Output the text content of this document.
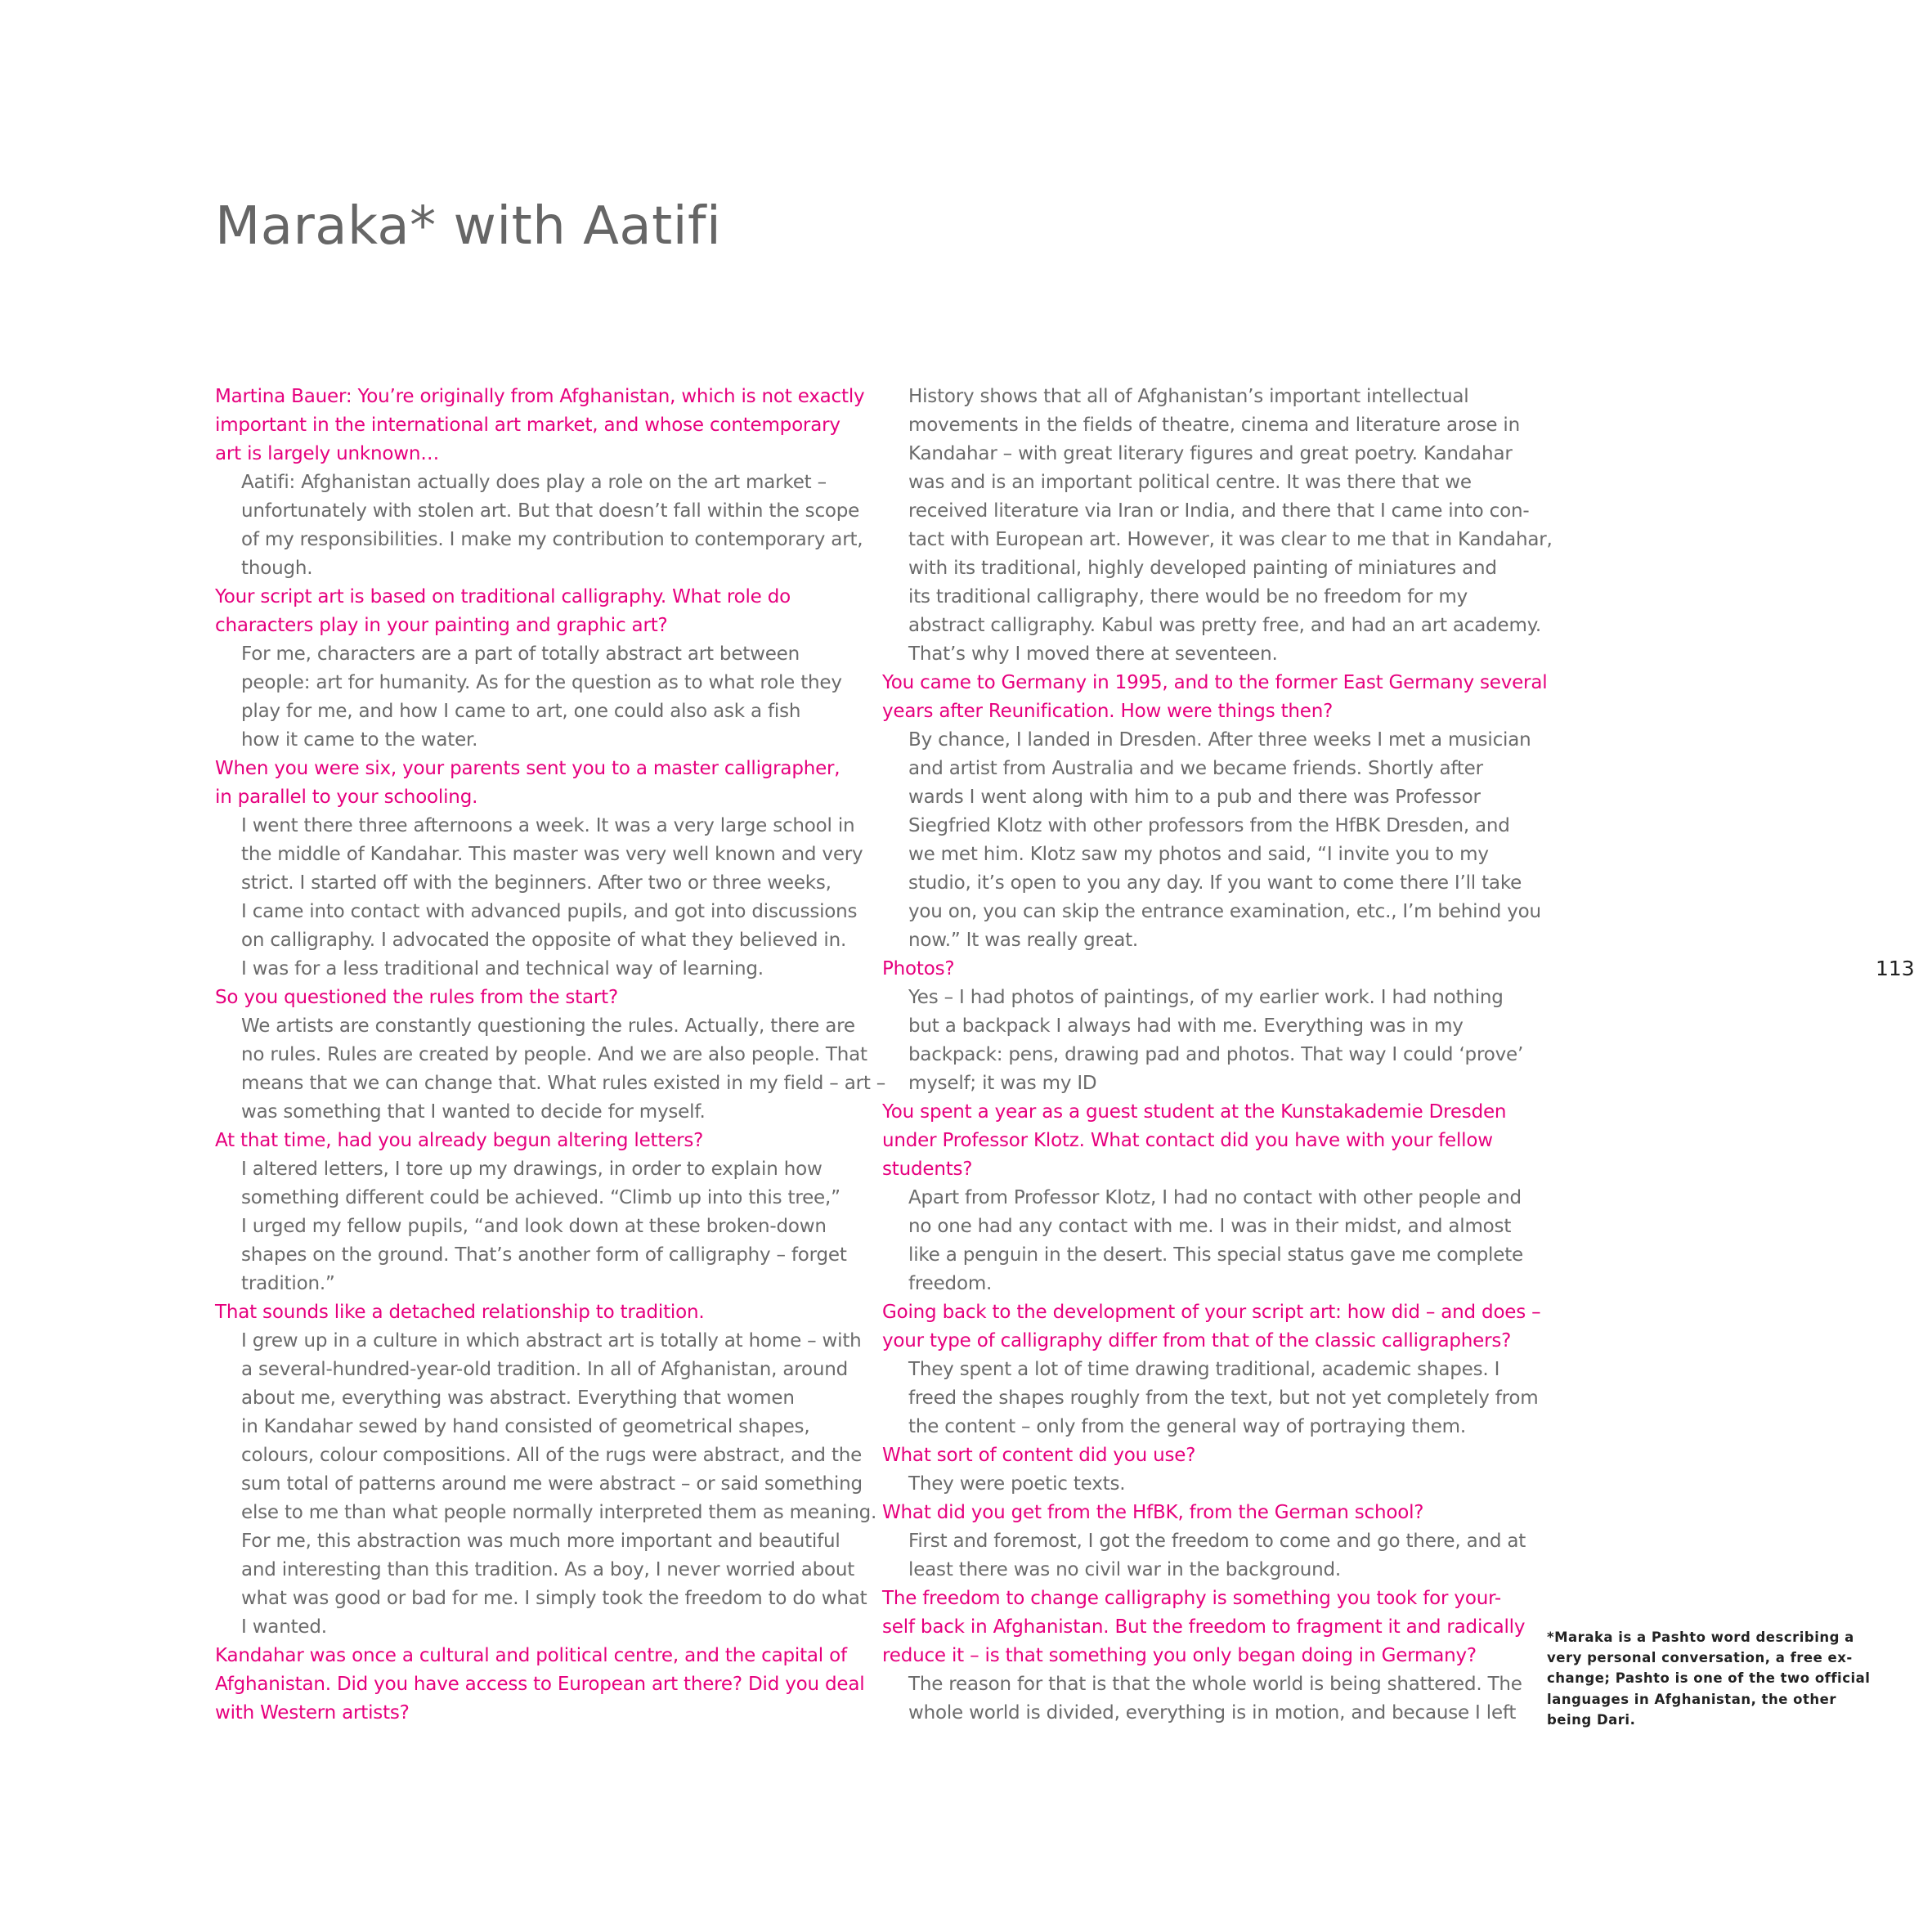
Maraka* with Aatifi
Martina Bauer: You’re originally from Afghanistan, which is not exactly
important in the international art market, and whose contemporary
art is largely unknown…
Aatifi: Afghanistan actually does play a role on the art market –
unfortunately with stolen art. But that doesn’t fall within the scope
of my responsibilities. I make my contribution to contemporary art,
though.
Your script art is based on traditional calligraphy. What role do
characters play in your painting and graphic art?
For me, characters are a part of totally abstract art between
people: art for humanity. As for the question as to what role they
play for me, and how I came to art, one could also ask a fish
how it came to the water.
When you were six, your parents sent you to a master calligrapher,
in parallel to your schooling.
I went there three afternoons a week. It was a very large school in
the middle of Kandahar. This master was very well known and very
strict. I started off with the beginners. After two or three weeks,
I came into contact with advanced pupils, and got into discussions
on calligraphy. I advocated the opposite of what they believed in.
I was for a less traditional and technical way of learning.
So you questioned the rules from the start?
We artists are constantly questioning the rules. Actually, there are
no rules. Rules are created by people. And we are also people. That
means that we can change that. What rules existed in my field – art –
was something that I wanted to decide for myself.
At that time, had you already begun altering letters?
I altered letters, I tore up my drawings, in order to explain how
something different could be achieved. “Climb up into this tree,”
I urged my fellow pupils, “and look down at these broken-down
shapes on the ground. That’s another form of calligraphy – forget
tradition.”
That sounds like a detached relationship to tradition.
I grew up in a culture in which abstract art is totally at home – with
a several-hundred-year-old tradition. In all of Afghanistan, around
about me, everything was abstract. Everything that women
in Kandahar sewed by hand consisted of geometrical shapes,
colours, colour compositions. All of the rugs were abstract, and the
sum total of patterns around me were abstract – or said something
else to me than what people normally interpreted them as meaning.
For me, this abstraction was much more important and beautiful
and interesting than this tradition. As a boy, I never worried about
what was good or bad for me. I simply took the freedom to do what
I wanted.
Kandahar was once a cultural and political centre, and the capital of
Afghanistan. Did you have access to European art there? Did you deal
with Western artists?
History shows that all of Afghanistan’s important intellectual
movements in the fields of theatre, cinema and literature arose in
Kandahar – with great literary figures and great poetry. Kandahar
was and is an important political centre. It was there that we
received literature via Iran or India, and there that I came into con-
tact with European art. However, it was clear to me that in Kandahar,
with its traditional, highly developed painting of miniatures and
its traditional calligraphy, there would be no freedom for my
abstract calligraphy. Kabul was pretty free, and had an art academy.
That’s why I moved there at seventeen.
You came to Germany in 1995, and to the former East Germany several
years after Reunification. How were things then?
By chance, I landed in Dresden. After three weeks I met a musician
and artist from Australia and we became friends. Shortly after
wards I went along with him to a pub and there was Professor
Siegfried Klotz with other professors from the HfBK Dresden, and
we met him. Klotz saw my photos and said, “I invite you to my
studio, it’s open to you any day. If you want to come there I’ll take
you on, you can skip the entrance examination, etc., I’m behind you
now.” It was really great.
Photos?
Yes – I had photos of paintings, of my earlier work. I had nothing
but a backpack I always had with me. Everything was in my
backpack: pens, drawing pad and photos. That way I could ‘prove’
myself; it was my ID
You spent a year as a guest student at the Kunstakademie Dresden
under Professor Klotz. What contact did you have with your fellow
students?
Apart from Professor Klotz, I had no contact with other people and
no one had any contact with me. I was in their midst, and almost
like a penguin in the desert. This special status gave me complete
freedom.
Going back to the development of your script art: how did – and does –
your type of calligraphy differ from that of the classic calligraphers?
They spent a lot of time drawing traditional, academic shapes. I
freed the shapes roughly from the text, but not yet completely from
the content – only from the general way of portraying them.
What sort of content did you use?
They were poetic texts.
What did you get from the HfBK, from the German school?
First and foremost, I got the freedom to come and go there, and at
least there was no civil war in the background.
The freedom to change calligraphy is something you took for your-
self back in Afghanistan. But the freedom to fragment it and radically
reduce it – is that something you only began doing in Germany?
The reason for that is that the whole world is being shattered. The
whole world is divided, everything is in motion, and because I left
113
*Maraka is a Pashto word describing a
very personal conversation, a free ex-
change; Pashto is one of the two official
languages in Afghanistan, the other
being Dari.
